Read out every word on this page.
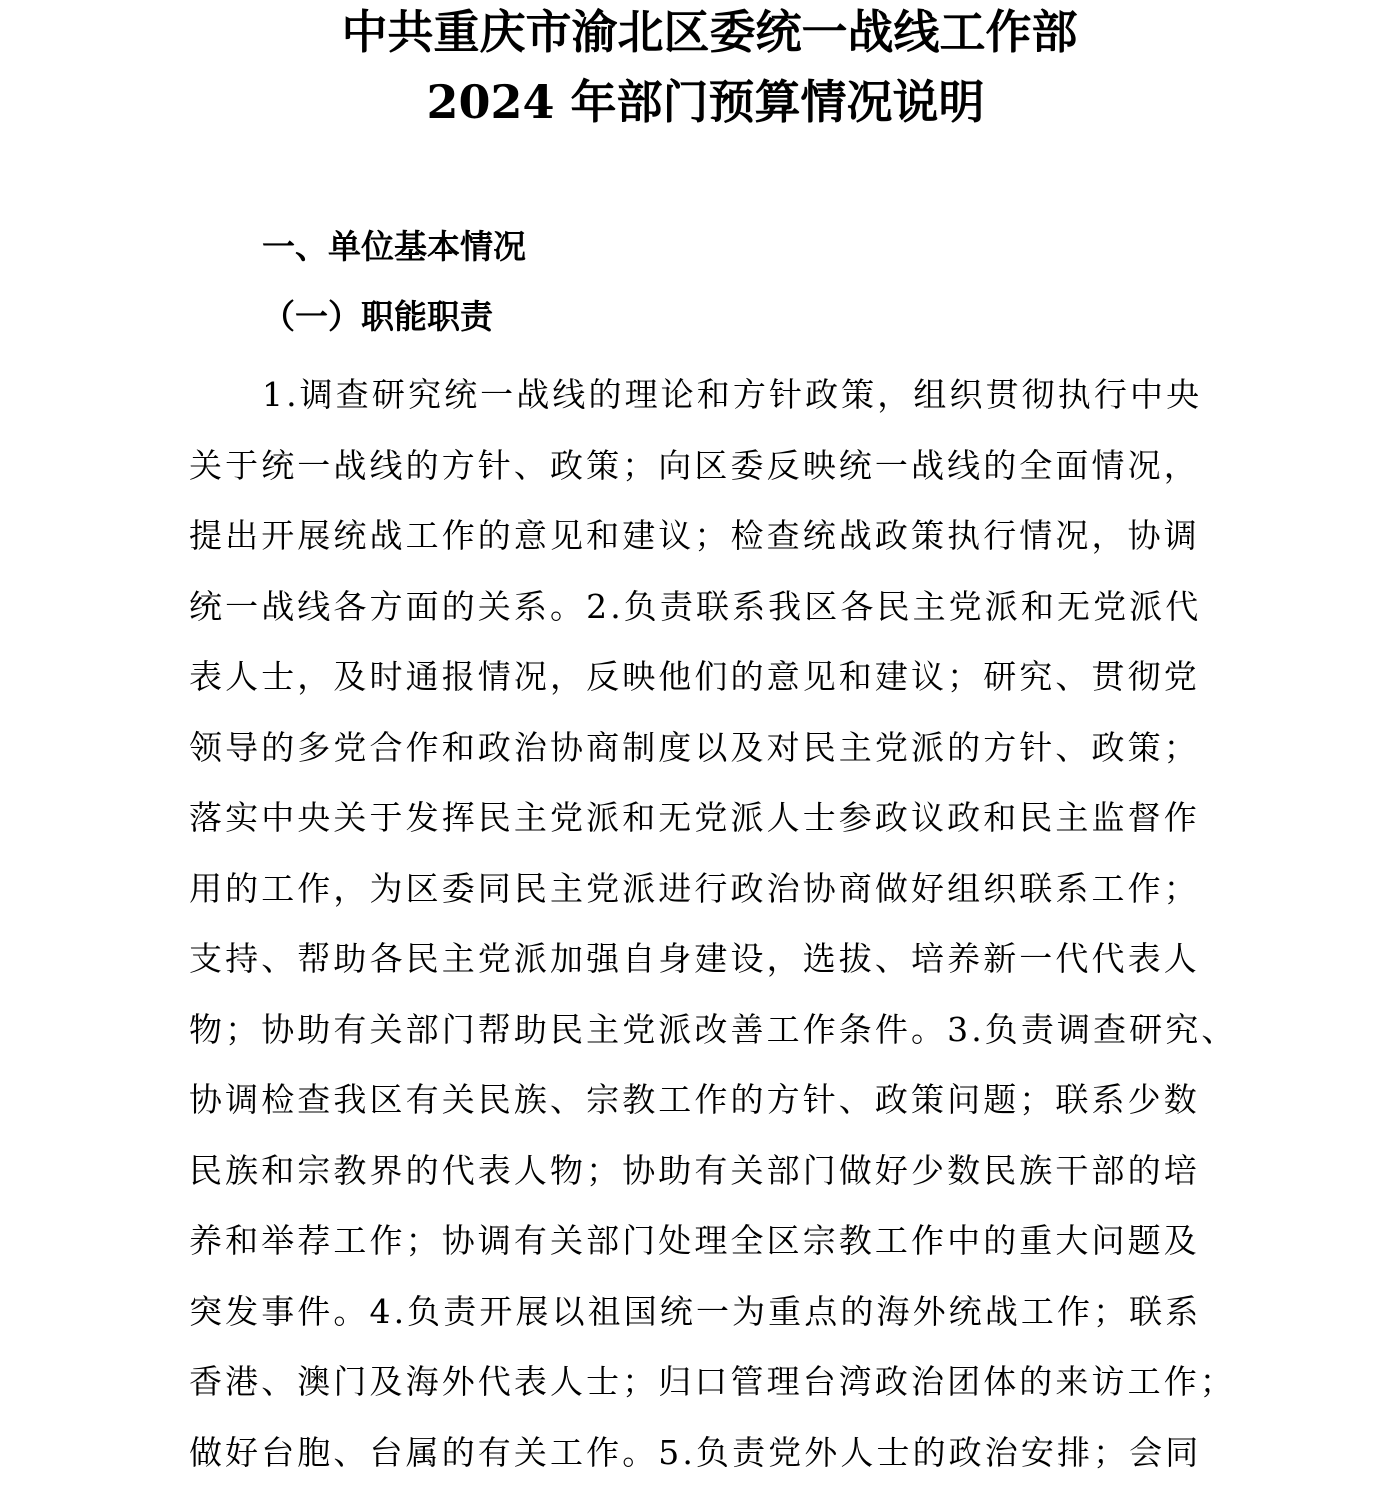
中共重庆市渝北区委统一战线工作部
2024 年部门预算情况说明
一、单位基本情况
（一）职能职责
1.调查研究统一战线的理论和方针政策，组织贯彻执行中央
关于统一战线的方针、政策；向区委反映统一战线的全面情况，
提出开展统战工作的意见和建议；检查统战政策执行情况，协调
统一战线各方面的关系。2.负责联系我区各民主党派和无党派代
表人士，及时通报情况，反映他们的意见和建议；研究、贯彻党
领导的多党合作和政治协商制度以及对民主党派的方针、政策；
落实中央关于发挥民主党派和无党派人士参政议政和民主监督作
用的工作，为区委同民主党派进行政治协商做好组织联系工作；
支持、帮助各民主党派加强自身建设，选拔、培养新一代代表人
物；协助有关部门帮助民主党派改善工作条件。3.负责调查研究、
协调检查我区有关民族、宗教工作的方针、政策问题；联系少数
民族和宗教界的代表人物；协助有关部门做好少数民族干部的培
养和举荐工作；协调有关部门处理全区宗教工作中的重大问题及
突发事件。4.负责开展以祖国统一为重点的海外统战工作；联系
香港、澳门及海外代表人士；归口管理台湾政治团体的来访工作；
做好台胞、台属的有关工作。5.负责党外人士的政治安排；会同
